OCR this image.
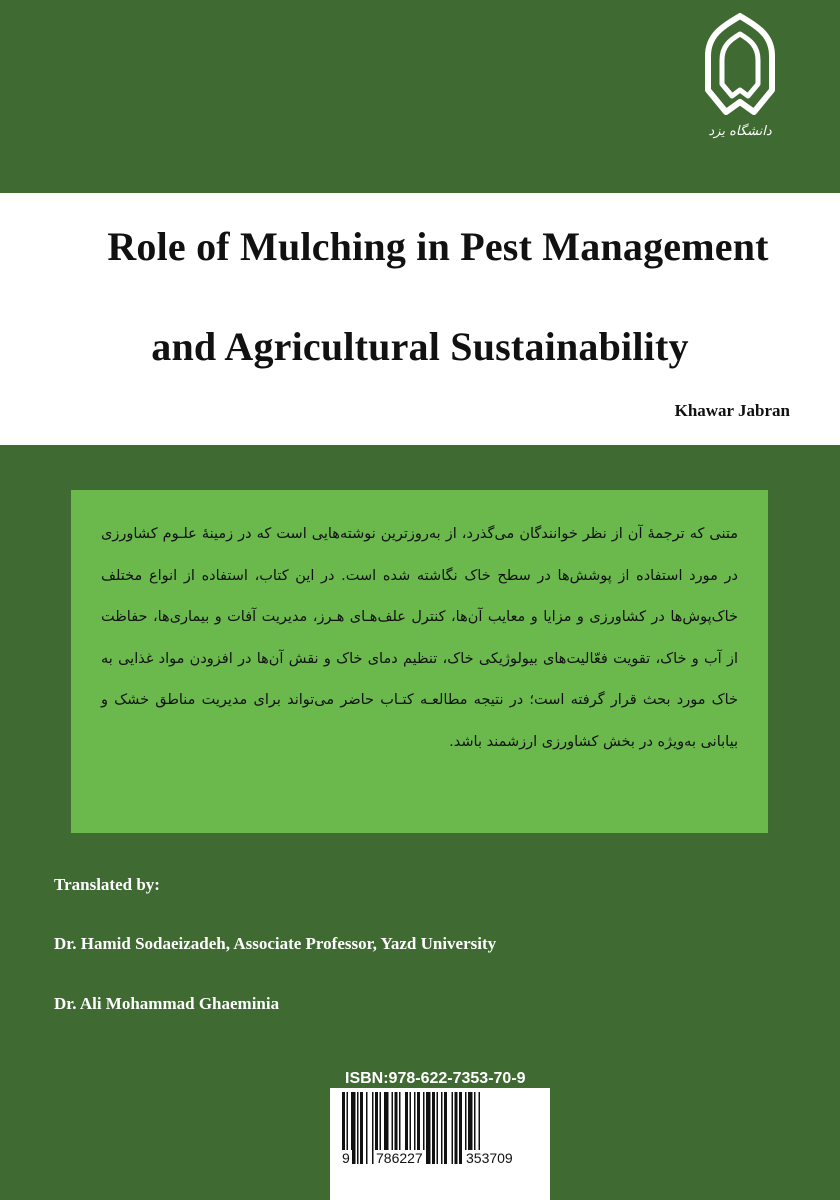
دانشگاه یزد
Role of Mulching in Pest Management
and Agricultural Sustainability
Khawar Jabran

متنی که ترجمهٔ آن از نظر خوانندگان می‌گذرد، از به‌روزترین نوشته‌هایی است که در زمینهٔ علـوم کشاورزی در مورد استفاده از پوشش‌ها در سطح خاک نگاشته شده است. در این کتاب، استفاده از انواع مختلف خاک‌پوش‌ها در کشاورزی و مزایا و معایب آن‌ها، کنترل علف‌هـای هـرز، مدیریت آفات و بیماری‌ها، حفاظت از آب و خاک، تقویت فعّالیت‌های بیولوژیکی خاک، تنظیم دمای خاک و نقش آن‌ها در افزودن مواد غذایی به خاک مورد بحث قرار گرفته است؛ در نتیجه مطالعـه کتـاب حاضر می‌تواند برای مدیریت مناطق خشک و بیابانی به‌ویژه در بخش کشاورزی ارزشمند باشد.

Translated by:
Dr. Hamid Sodaeizadeh, Associate Professor, Yazd University
Dr. Ali Mohammad Ghaeminia
ISBN:978-622-7353-70-9
9 786227	353709
